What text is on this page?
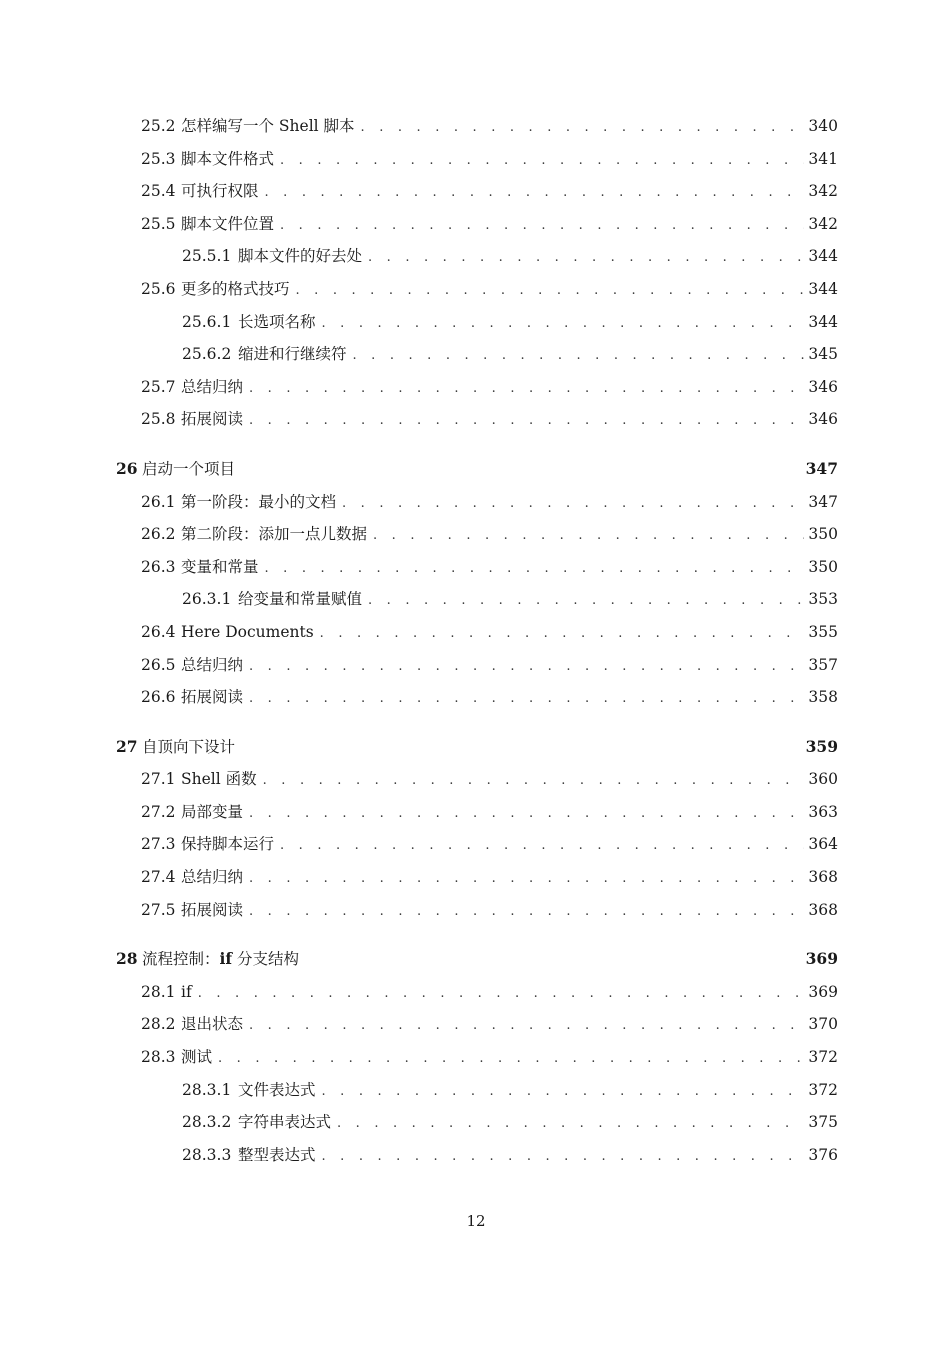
25.2 怎样编写一个 Shell 脚本 . . .	340
25.3 脚本文件格式 . . .	341
25.4 可执行权限 . . .	342
25.5 脚本文件位置 . . .	342
25.5.1 脚本文件的好去处 . . .	344
25.6 更多的格式技巧 . . .	344
25.6.1 长选项名称 . . .	344
25.6.2 缩进和行继续符 . . .	345
25.7 总结归纳 . . .	346
25.8 拓展阅读 . . .	346
26 启动一个项目	347
26.1 第一阶段：最小的文档 . . .	347
26.2 第二阶段：添加一点儿数据 . . .	350
26.3 变量和常量 . . .	350
26.3.1 给变量和常量赋值 . . .	353
26.4 Here Documents . . .	355
26.5 总结归纳 . . .	357
26.6 拓展阅读 . . .	358
27 自顶向下设计	359
27.1 Shell 函数 . . .	360
27.2 局部变量 . . .	363
27.3 保持脚本运行 . . .	364
27.4 总结归纳 . . .	368
27.5 拓展阅读 . . .	368
28 流程控制：if 分支结构	369
28.1 if . . .	369
28.2 退出状态 . . .	370
28.3 测试 . . .	372
28.3.1 文件表达式 . . .	372
28.3.2 字符串表达式 . . .	375
28.3.3 整型表达式 . . .	376
12
